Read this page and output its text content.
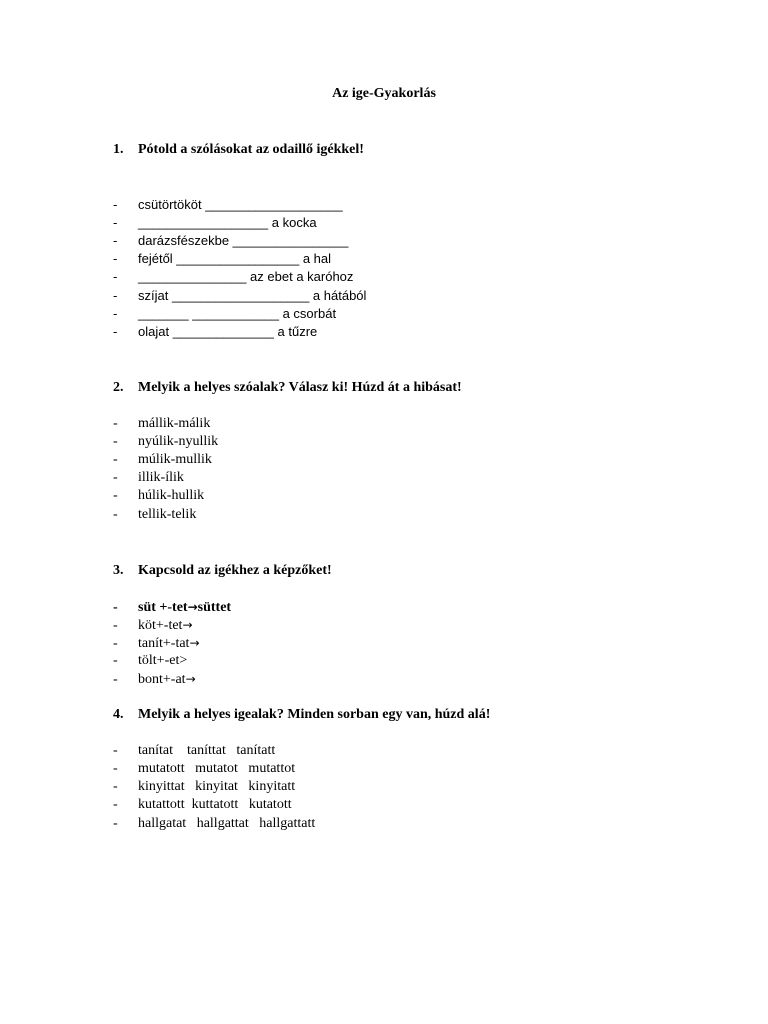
Az ige-Gyakorlás
1. Pótold a szólásokat az odaillő igékkel!
- csütörtököt ___________________
- __________________ a kocka
- darázsfészekbe ________________
- fejétől _________________ a hal
- _______________ az ebet a karóhoz
- szíjat ___________________ a hátából
- _______ ____________ a csorbát
- olajat ______________ a tűzre
2. Melyik a helyes szóalak? Válasz ki! Húzd át a hibásat!
- mállik-málik
- nyúlik-nyullik
- múlik-mullik
- illik-ílik
- húlik-hullik
- tellik-telik
3. Kapcsold az igékhez a képzőket!
- süt +-tet→süttet
- köt+-tet→
- tanít+-tat→
- tölt+-et>
- bont+-at→
4. Melyik a helyes igealak? Minden sorban egy van, húzd alá!
- tanítat    taníttat   tanítatt
- mutatott   mutatot   mutattot
- kinyittat   kinyitat   kinyitatt
- kutattott  kuttatott   kutatott
- hallgatat   hallgattat   hallgattatt
